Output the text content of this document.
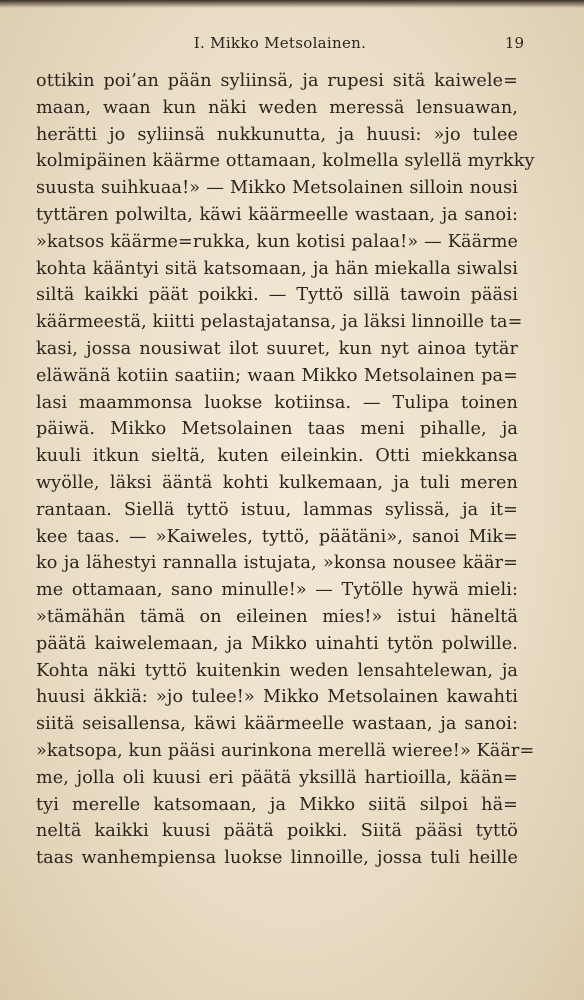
I. Mikko Metsolainen.	19
ottikin poi’an pään syliinsä, ja rupesi sitä kaiwele=
maan, waan kun näki weden meressä lensuawan,
herätti jo syliinsä nukkunutta, ja huusi: »jo tulee
kolmipäinen käärme ottamaan, kolmella sylellä myrkky
suusta suihkuaa!» — Mikko Metsolainen silloin nousi
tyttären polwilta, käwi käärmeelle wastaan, ja sanoi:
»katsos käärme=rukka, kun kotisi palaa!» — Käärme
kohta kääntyi sitä katsomaan, ja hän miekalla siwalsi
siltä kaikki päät poikki. — Tyttö sillä tawoin pääsi
käärmeestä, kiitti pelastajatansa, ja läksi linnoille ta=
kasi, jossa nousiwat ilot suuret, kun nyt ainoa tytär
eläwänä kotiin saatiin; waan Mikko Metsolainen pa=
lasi maammonsa luokse kotiinsa. — Tulipa toinen
päiwä. Mikko Metsolainen taas meni pihalle, ja
kuuli itkun sieltä, kuten eileinkin. Otti miekkansa
wyölle, läksi ääntä kohti kulkemaan, ja tuli meren
rantaan. Siellä tyttö istuu, lammas sylissä, ja it=
kee taas. — »Kaiweles, tyttö, päätäni», sanoi Mik=
ko ja lähestyi rannalla istujata, »konsa nousee käär=
me ottamaan, sano minulle!» — Tytölle hywä mieli:
»tämähän tämä on eileinen mies!» istui häneltä
päätä kaiwelemaan, ja Mikko uinahti tytön polwille.
Kohta näki tyttö kuitenkin weden lensahtelewan, ja
huusi äkkiä: »jo tulee!» Mikko Metsolainen kawahti
siitä seisallensa, käwi käärmeelle wastaan, ja sanoi:
»katsopa, kun pääsi aurinkona merellä wieree!» Käär=
me, jolla oli kuusi eri päätä yksillä hartioilla, kään=
tyi merelle katsomaan, ja Mikko siitä silpoi hä=
neltä kaikki kuusi päätä poikki. Siitä pääsi tyttö
taas wanhempiensa luokse linnoille, jossa tuli heille
